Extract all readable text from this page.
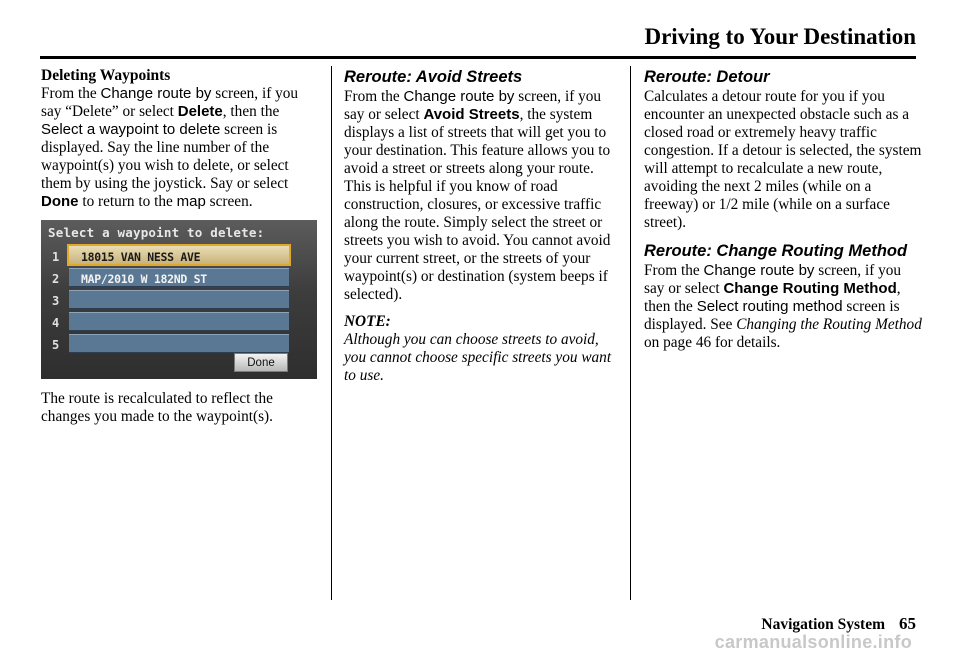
Driving to Your Destination

Deleting Waypoints

From the Change route by screen, if you say “Delete” or select Delete, then the Select a waypoint to delete screen is displayed. Say the line number of the waypoint(s) you wish to delete, or select them by using the joystick. Say or select Done to return to the map screen.

Select a waypoint to delete:
1 18015 VAN NESS AVE
2 MAP/2010 W 182ND ST
3
4
5
Done

The route is recalculated to reflect the changes you made to the waypoint(s).

Reroute: Avoid Streets

From the Change route by screen, if you say or select Avoid Streets, the system displays a list of streets that will get you to your destination. This feature allows you to avoid a street or streets along your route. This is helpful if you know of road construction, closures, or excessive traffic along the route. Simply select the street or streets you wish to avoid. You cannot avoid your current street, or the streets of your waypoint(s) or destination (system beeps if selected).

NOTE:

Although you can choose streets to avoid, you cannot choose specific streets you want to use.

Reroute: Detour

Calculates a detour route for you if you encounter an unexpected obstacle such as a closed road or extremely heavy traffic congestion. If a detour is selected, the system will attempt to recalculate a new route, avoiding the next 2 miles (while on a freeway) or 1/2 mile (while on a surface street).

Reroute: Change Routing Method

From the Change route by screen, if you say or select Change Routing Method, then the Select routing method screen is displayed. See Changing the Routing Method on page 46 for details.

Navigation System 65
carmanualsonline.info
